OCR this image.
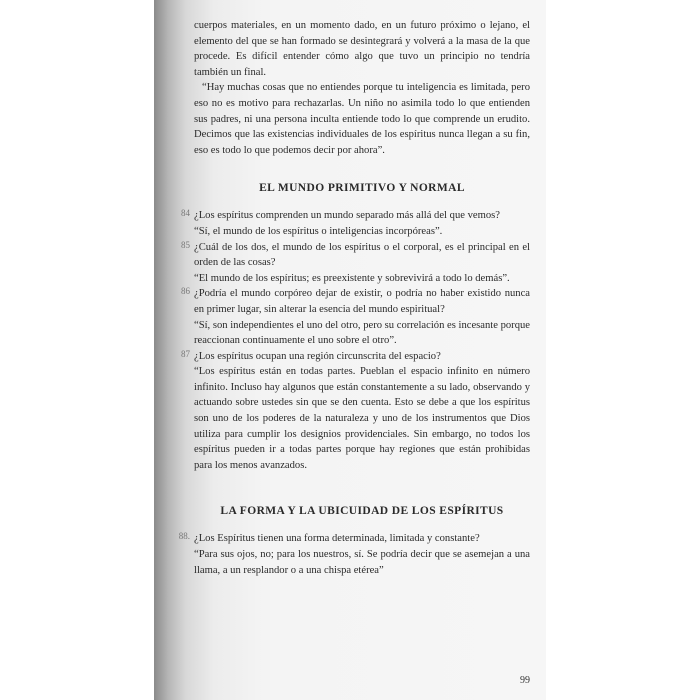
cuerpos materiales, en un momento dado, en un futuro próximo o lejano, el elemento del que se han formado se desintegrará y volverá a la masa de la que procede. Es difícil entender cómo algo que tuvo un principio no tendría también un final.

“Hay muchas cosas que no entiendes porque tu inteligencia es limitada, pero eso no es motivo para rechazarlas. Un niño no asimila todo lo que entienden sus padres, ni una persona inculta entiende todo lo que comprende un erudito. Decimos que las existencias individuales de los espíritus nunca llegan a su fin, eso es todo lo que podemos decir por ahora”.

EL MUNDO PRIMITIVO Y NORMAL
84 ¿Los espíritus comprenden un mundo separado más allá del que vemos?

“Sí, el mundo de los espíritus o inteligencias incorpóreas”.

85 ¿Cuál de los dos, el mundo de los espíritus o el corporal, es el principal en el orden de las cosas?

“El mundo de los espíritus; es preexistente y sobrevivirá a todo lo demás”.

86 ¿Podría el mundo corpóreo dejar de existir, o podría no haber existido nunca en primer lugar, sin alterar la esencia del mundo espiritual?

“Sí, son independientes el uno del otro, pero su correlación es incesante porque reaccionan continuamente el uno sobre el otro”.

87 ¿Los espíritus ocupan una región circunscrita del espacio?

“Los espíritus están en todas partes. Pueblan el espacio infinito en número infinito. Incluso hay algunos que están constantemente a su lado, observando y actuando sobre ustedes sin que se den cuenta. Esto se debe a que los espíritus son uno de los poderes de la naturaleza y uno de los instrumentos que Dios utiliza para cumplir los designios providenciales. Sin embargo, no todos los espíritus pueden ir a todas partes porque hay regiones que están prohibidas para los menos avanzados.

LA FORMA Y LA UBICUIDAD DE LOS ESPÍRITUS
88. ¿Los Espíritus tienen una forma determinada, limitada y constante?

“Para sus ojos, no; para los nuestros, sí. Se podría decir que se asemejan a una llama, a un resplandor o a una chispa etérea”

99
